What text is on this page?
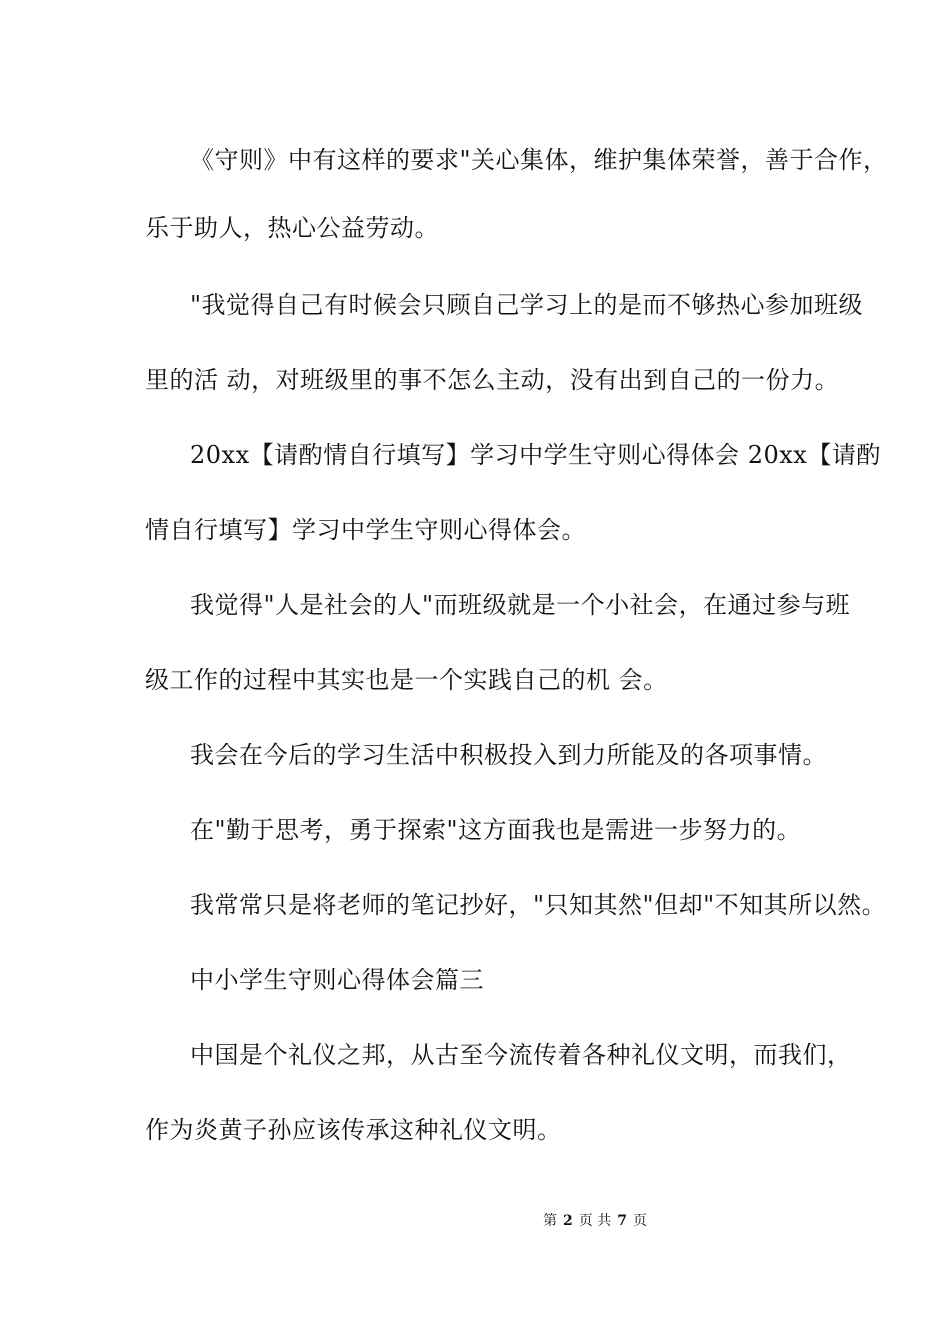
《守则》中有这样的要求"关心集体，维护集体荣誉，善于合作，
乐于助人，热心公益劳动。
"我觉得自己有时候会只顾自己学习上的是而不够热心参加班级
里的活 动，对班级里的事不怎么主动，没有出到自己的一份力。
20xx【请酌情自行填写】学习中学生守则心得体会 20xx【请酌
情自行填写】学习中学生守则心得体会。
我觉得"人是社会的人"而班级就是一个小社会，在通过参与班
级工作的过程中其实也是一个实践自己的机 会。
我会在今后的学习生活中积极投入到力所能及的各项事情。
在"勤于思考，勇于探索"这方面我也是需进一步努力的。
我常常只是将老师的笔记抄好，"只知其然"但却"不知其所以然。
中小学生守则心得体会篇三
中国是个礼仪之邦，从古至今流传着各种礼仪文明，而我们，
作为炎黄子孙应该传承这种礼仪文明。
第 2 页 共 7 页
